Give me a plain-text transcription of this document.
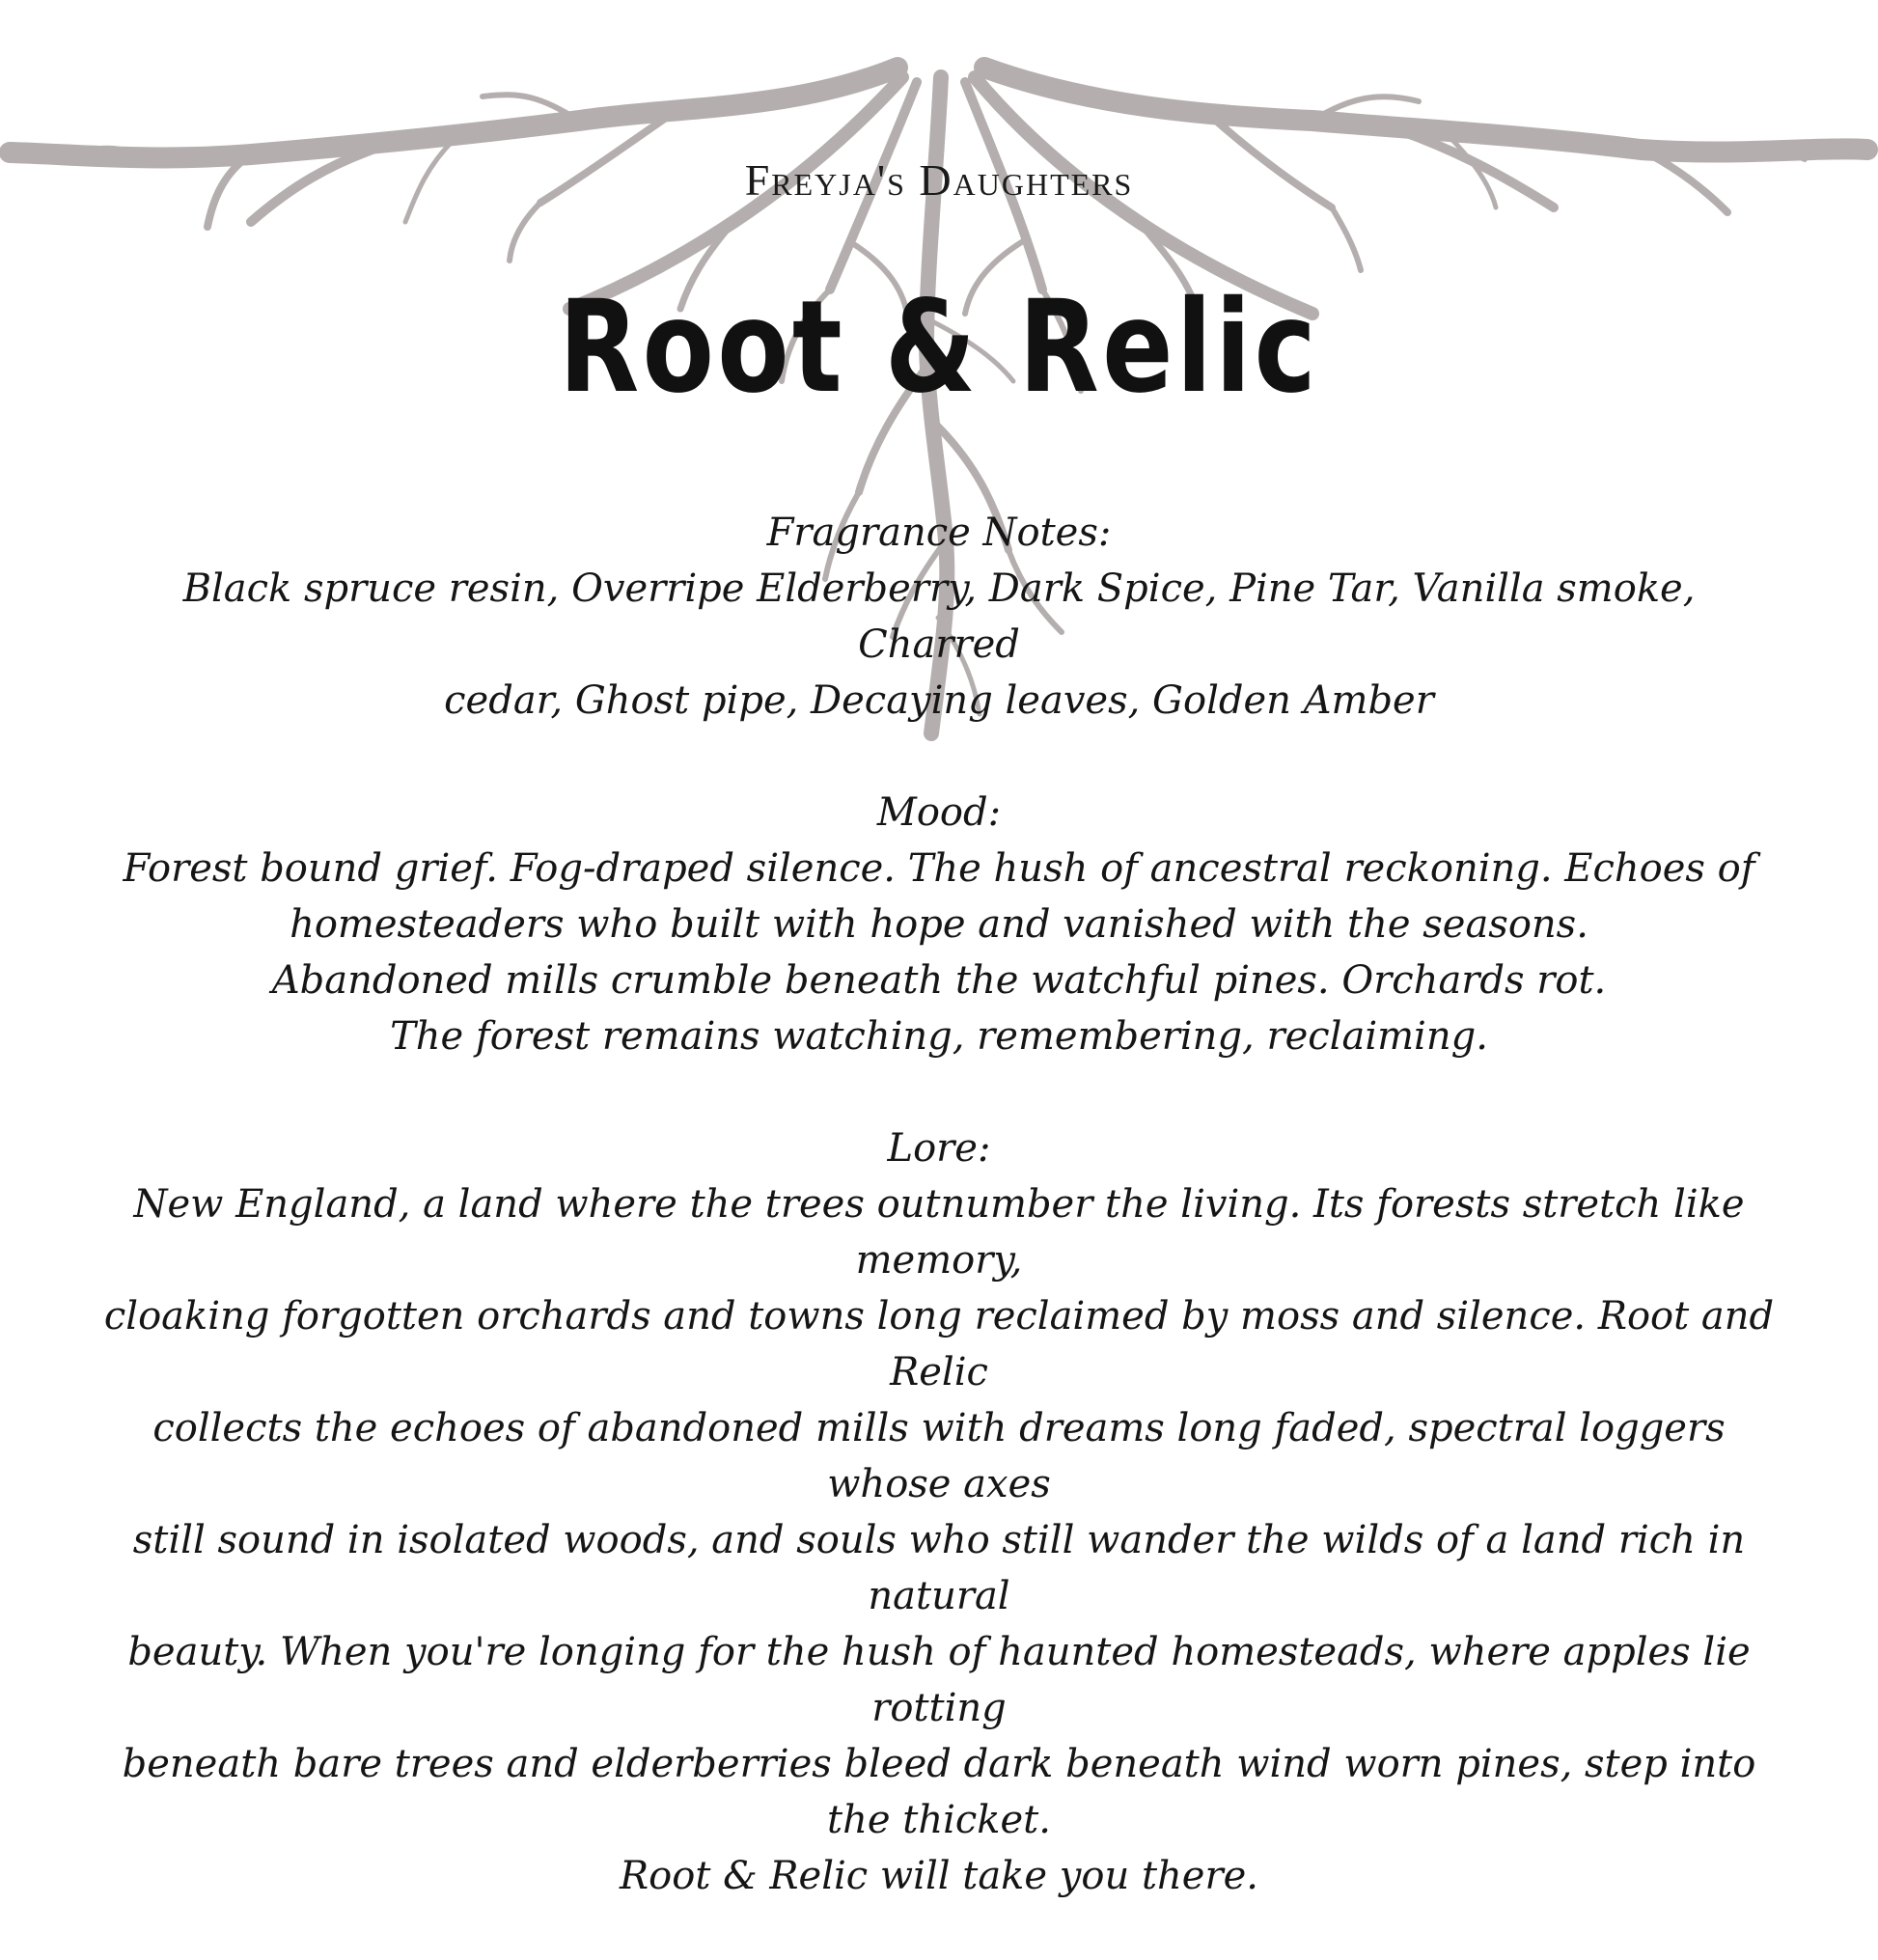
Freyja's Daughters
Root & Relic
Fragrance Notes:
Black spruce resin, Overripe Elderberry, Dark Spice, Pine Tar, Vanilla smoke, Charred
cedar, Ghost pipe, Decaying leaves, Golden Amber
Mood:
Forest bound grief. Fog-draped silence. The hush of ancestral reckoning. Echoes of
homesteaders who built with hope and vanished with the seasons.
Abandoned mills crumble beneath the watchful pines. Orchards rot.
The forest remains watching, remembering, reclaiming.
Lore:
New England, a land where the trees outnumber the living. Its forests stretch like memory,
cloaking forgotten orchards and towns long reclaimed by moss and silence. Root and Relic
collects the echoes of abandoned mills with dreams long faded, spectral loggers whose axes
still sound in isolated woods, and souls who still wander the wilds of a land rich in natural
beauty. When you're longing for the hush of haunted homesteads, where apples lie rotting
beneath bare trees and elderberries bleed dark beneath wind worn pines, step into the thicket.
Root & Relic will take you there.
